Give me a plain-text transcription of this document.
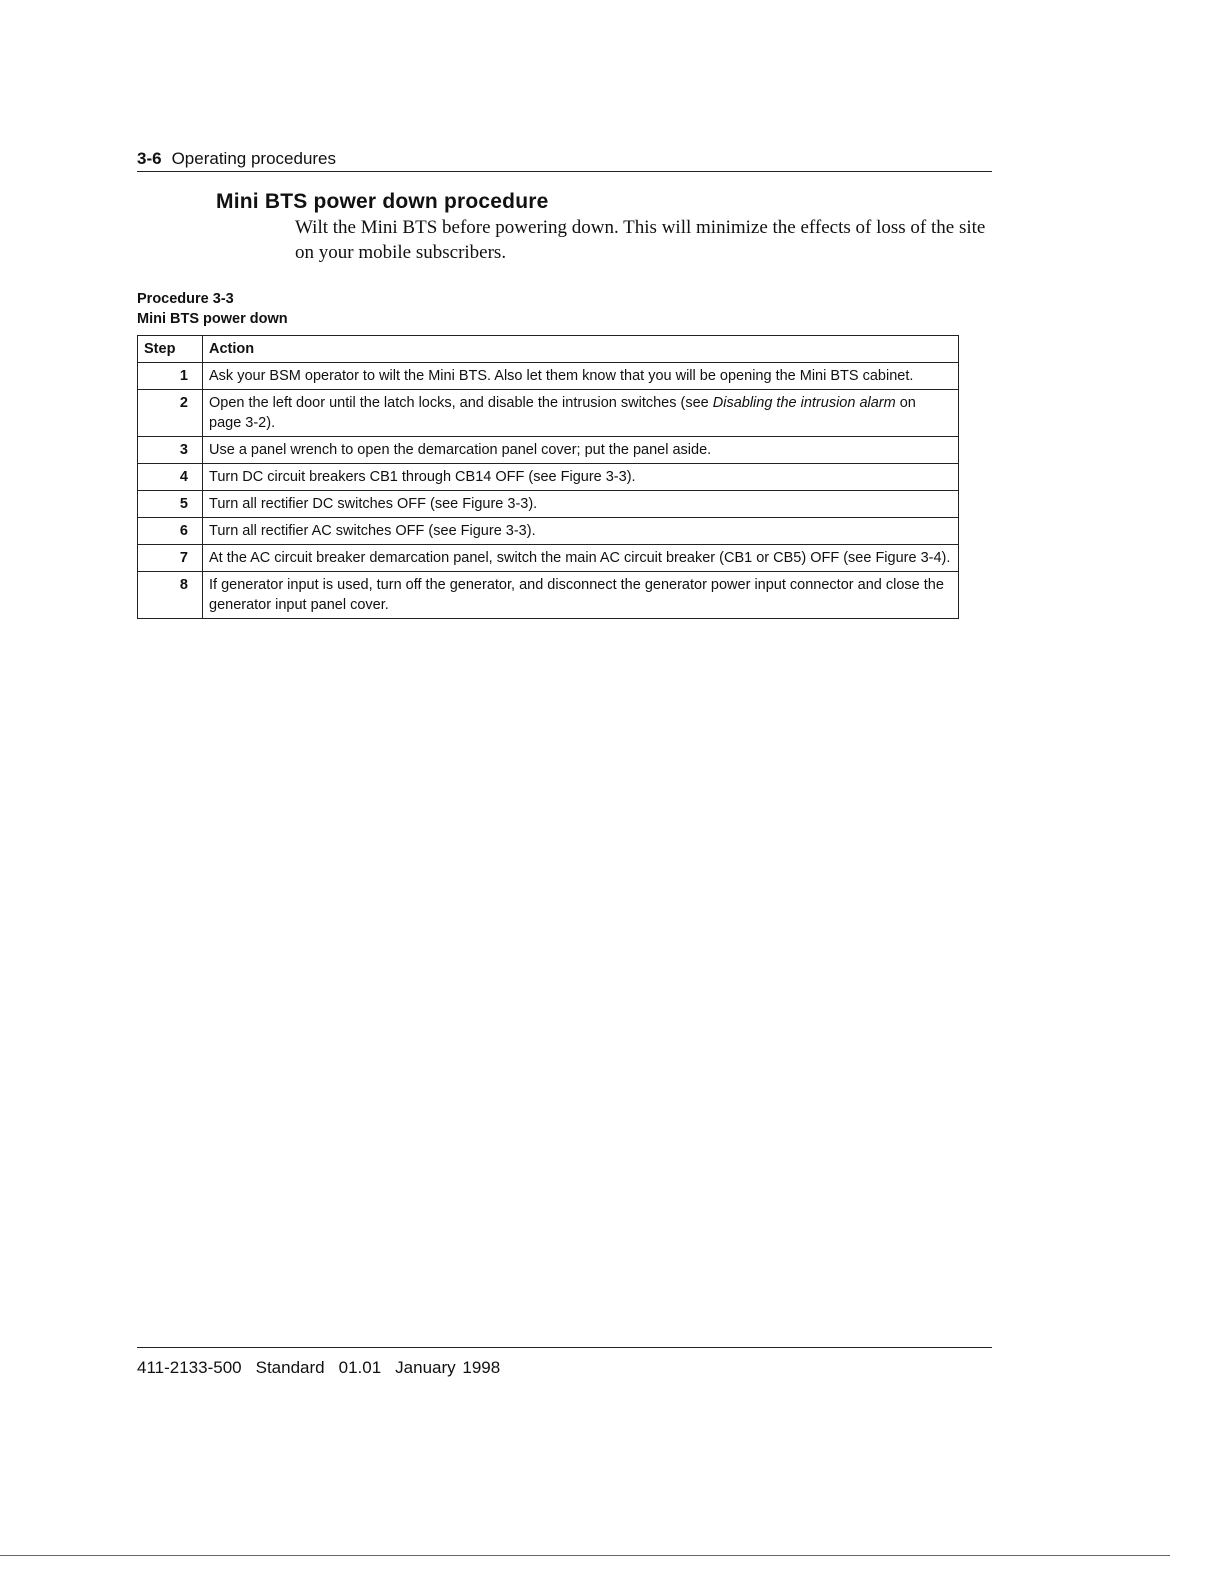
3-6 Operating procedures
Mini BTS power down procedure
Wilt the Mini BTS before powering down. This will minimize the effects of loss of the site on your mobile subscribers.
Procedure 3-3
Mini BTS power down
Step	Action
1	Ask your BSM operator to wilt the Mini BTS. Also let them know that you will be opening the Mini BTS cabinet.
2	Open the left door until the latch locks, and disable the intrusion switches (see Disabling the intrusion alarm on page 3-2).
3	Use a panel wrench to open the demarcation panel cover; put the panel aside.
4	Turn DC circuit breakers CB1 through CB14 OFF (see Figure 3-3).
5	Turn all rectifier DC switches OFF (see Figure 3-3).
6	Turn all rectifier AC switches OFF (see Figure 3-3).
7	At the AC circuit breaker demarcation panel, switch the main AC circuit breaker (CB1 or CB5) OFF (see Figure 3-4).
8	If generator input is used, turn off the generator, and disconnect the generator power input connector and close the generator input panel cover.
411-2133-500 Standard 01.01 January 1998
